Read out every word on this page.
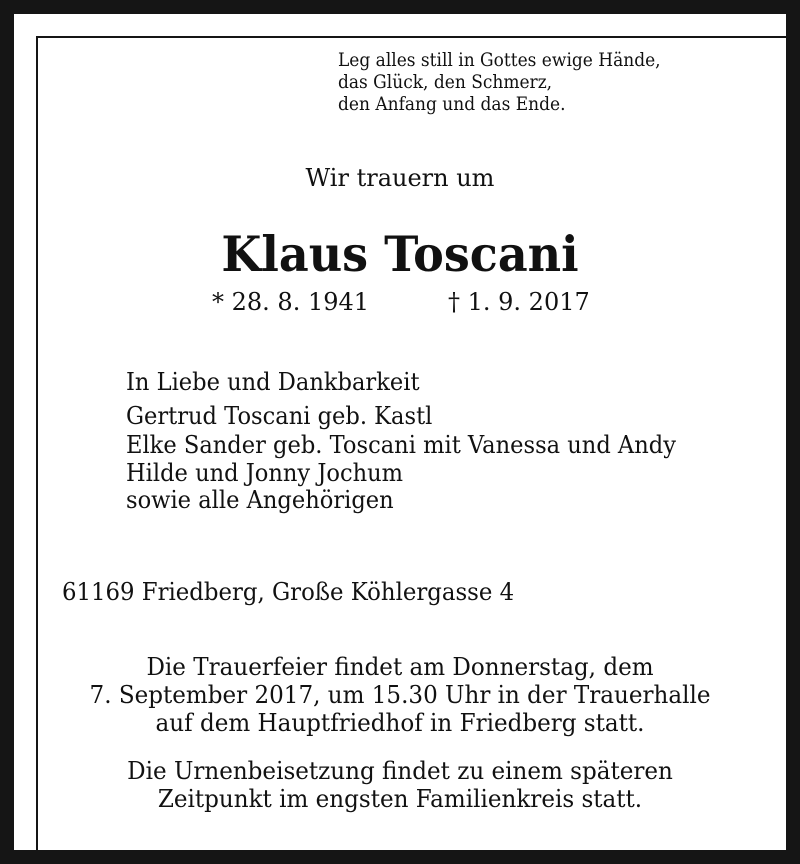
Leg alles still in Gottes ewige Hände,
das Glück, den Schmerz,
den Anfang und das Ende.
Wir trauern um
Klaus Toscani
* 28. 8. 1941	† 1. 9. 2017
In Liebe und Dankbarkeit
Gertrud Toscani geb. Kastl
Elke Sander geb. Toscani mit Vanessa und Andy
Hilde und Jonny Jochum
sowie alle Angehörigen
61169 Friedberg, Große Köhlergasse 4
Die Trauerfeier findet am Donnerstag, dem
7. September 2017, um 15.30 Uhr in der Trauerhalle
auf dem Hauptfriedhof in Friedberg statt.
Die Urnenbeisetzung findet zu einem späteren
Zeitpunkt im engsten Familienkreis statt.
